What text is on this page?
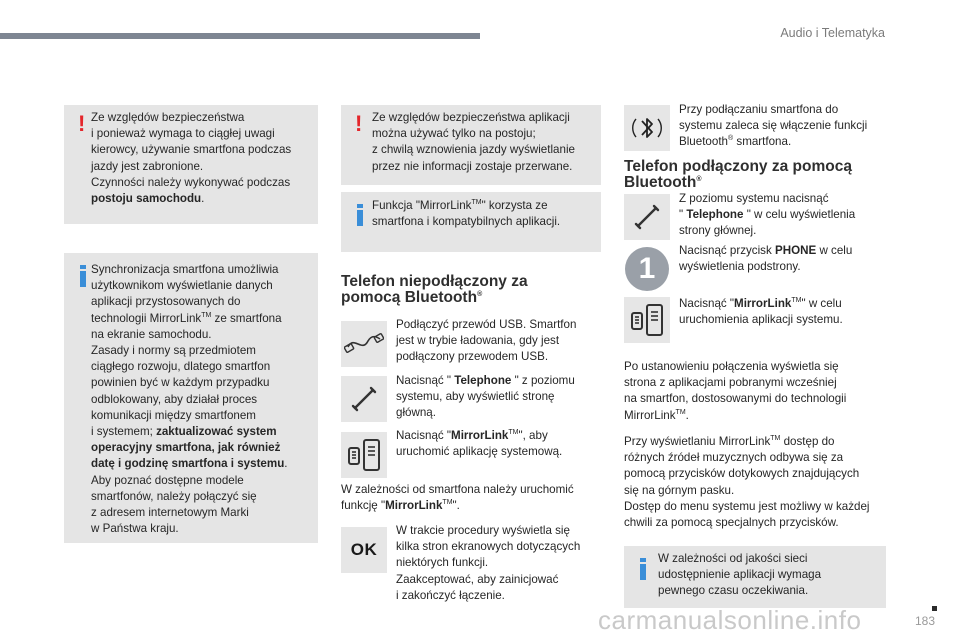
Audio i Telematyka
! Ze względów bezpieczeństwa
i ponieważ wymaga to ciągłej uwagi
kierowcy, używanie smartfona podczas
jazdy jest zabronione.
Czynności należy wykonywać podczas
postoju samochodu.
Synchronizacja smartfona umożliwia
użytkownikom wyświetlanie danych
aplikacji przystosowanych do
technologii MirrorLink™ ze smartfona
na ekranie samochodu.
Zasady i normy są przedmiotem
ciągłego rozwoju, dlatego smartfon
powinien być w każdym przypadku
odblokowany, aby działał proces
komunikacji między smartfonem
i systemem; zaktualizować system
operacyjny smartfona, jak również
datę i godzinę smartfona i systemu.
Aby poznać dostępne modele
smartfonów, należy połączyć się
z adresem internetowym Marki
w Państwa kraju.
! Ze względów bezpieczeństwa aplikacji
można używać tylko na postoju;
z chwilą wznowienia jazdy wyświetlanie
przez nie informacji zostaje przerwane.
Funkcja "MirrorLink™" korzysta ze
smartfona i kompatybilnych aplikacji.
Telefon niepodłączony za
pomocą Bluetooth®
Podłączyć przewód USB. Smartfon
jest w trybie ładowania, gdy jest
podłączony przewodem USB.
Nacisnąć " Telephone " z poziomu
systemu, aby wyświetlić stronę
główną.
Nacisnąć "MirrorLink™", aby
uruchomić aplikację systemową.
W zależności od smartfona należy uruchomić
funkcję "MirrorLink™".
OK
W trakcie procedury wyświetla się
kilka stron ekranowych dotyczących
niektórych funkcji.
Zaakceptować, aby zainicjować
i zakończyć łączenie.
Przy podłączaniu smartfona do
systemu zaleca się włączenie funkcji
Bluetooth® smartfona.
Telefon podłączony za pomocą
Bluetooth®
Z poziomu systemu nacisnąć
" Telephone " w celu wyświetlenia
strony głównej.
1
Nacisnąć przycisk PHONE w celu
wyświetlenia podstrony.
Nacisnąć "MirrorLink™" w celu
uruchomienia aplikacji systemu.
Po ustanowieniu połączenia wyświetla się
strona z aplikacjami pobranymi wcześniej
na smartfon, dostosowanymi do technologii
MirrorLink™.
Przy wyświetlaniu MirrorLink™ dostęp do
różnych źródeł muzycznych odbywa się za
pomocą przycisków dotykowych znajdujących
się na górnym pasku.
Dostęp do menu systemu jest możliwy w każdej
chwili za pomocą specjalnych przycisków.
W zależności od jakości sieci
udostępnienie aplikacji wymaga
pewnego czasu oczekiwania.
carmanualsonline.info	183
